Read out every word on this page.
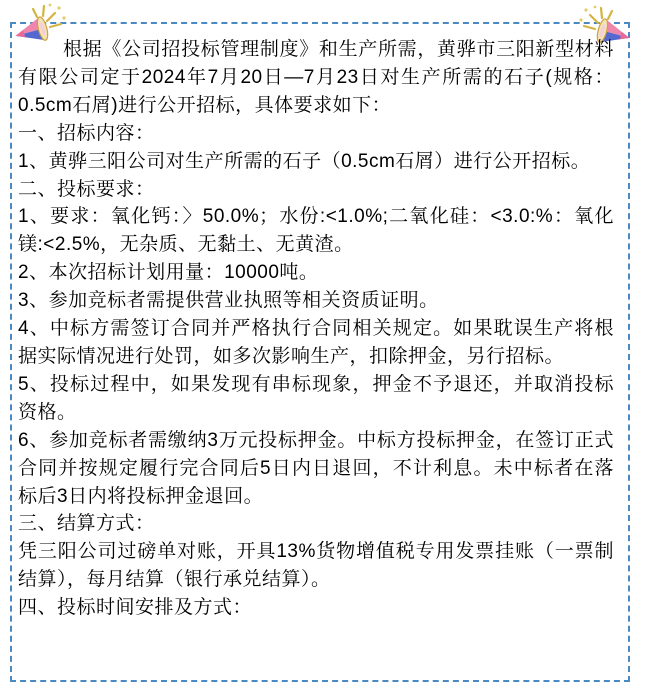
根据《公司招投标管理制度》和生产所需，黄骅市三阳新型材料有限公司定于2024年7月20日—7月23日对生产所需的石子(规格：0.5cm石屑)进行公开招标，具体要求如下：

一、招标内容：

1、黄骅三阳公司对生产所需的石子（0.5cm石屑）进行公开招标。

二、投标要求：

1、要求：氧化钙：〉50.0%；水份:<1.0%;二氧化硅：<3.0:%：氧化镁:<2.5%，无杂质、无黏土、无黄渣。

2、本次招标计划用量：10000吨。

3、参加竞标者需提供营业执照等相关资质证明。

4、中标方需签订合同并严格执行合同相关规定。如果耽误生产将根据实际情况进行处罚，如多次影响生产，扣除押金，另行招标。

5、投标过程中，如果发现有串标现象，押金不予退还，并取消投标资格。

6、参加竞标者需缴纳3万元投标押金。中标方投标押金，在签订正式合同并按规定履行完合同后5日内日退回，不计利息。未中标者在落标后3日内将投标押金退回。

三、结算方式：

凭三阳公司过磅单对账，开具13%货物增值税专用发票挂账（一票制结算），每月结算（银行承兑结算）。

四、投标时间安排及方式：
